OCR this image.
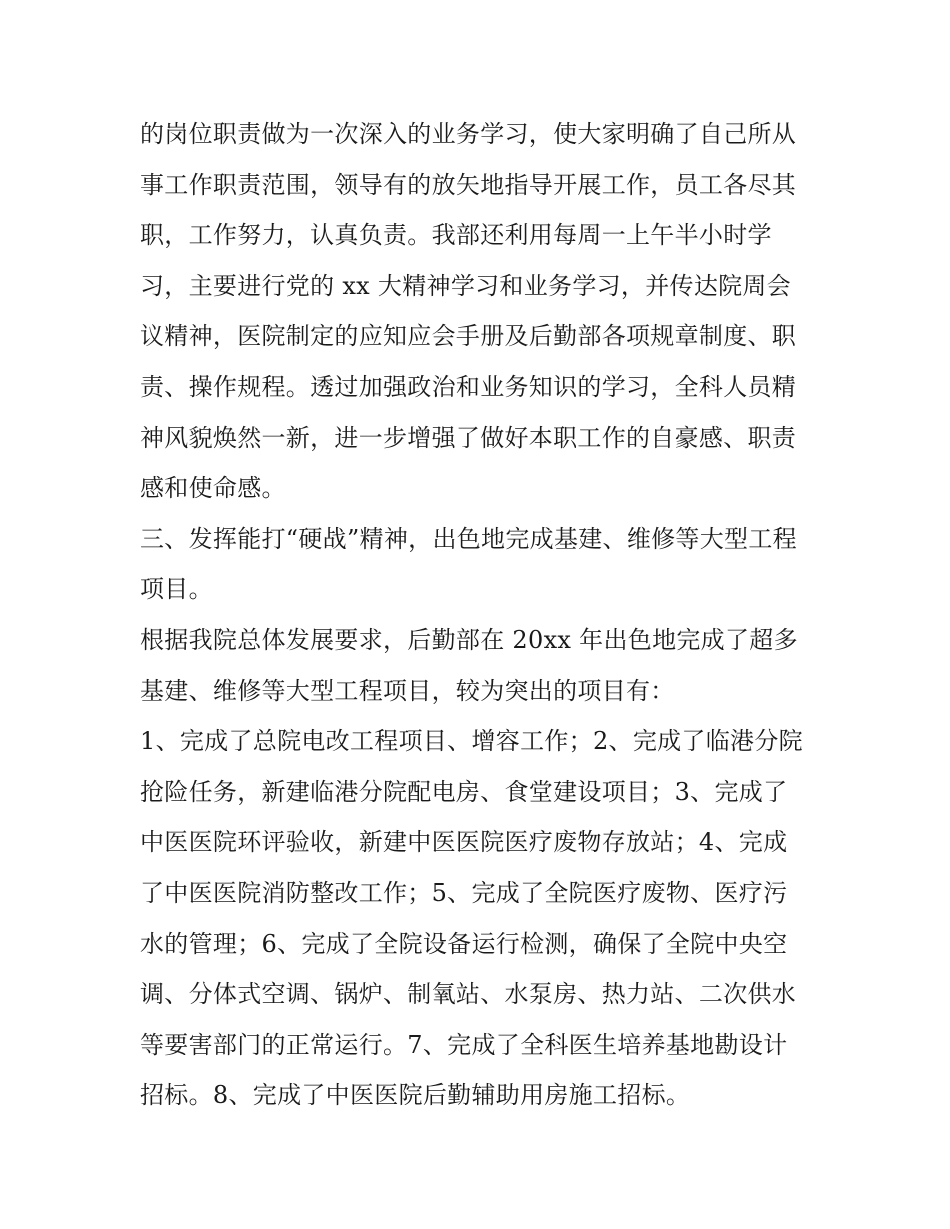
的岗位职责做为一次深入的业务学习，使大家明确了自己所从
事工作职责范围，领导有的放矢地指导开展工作，员工各尽其
职，工作努力，认真负责。我部还利用每周一上午半小时学
习，主要进行党的 xx 大精神学习和业务学习，并传达院周会
议精神，医院制定的应知应会手册及后勤部各项规章制度、职
责、操作规程。透过加强政治和业务知识的学习，全科人员精
神风貌焕然一新，进一步增强了做好本职工作的自豪感、职责
感和使命感。
三、发挥能打“硬战”精神，出色地完成基建、维修等大型工程
项目。
根据我院总体发展要求，后勤部在 20xx 年出色地完成了超多
基建、维修等大型工程项目，较为突出的项目有：
1、完成了总院电改工程项目、增容工作；2、完成了临港分院
抢险任务，新建临港分院配电房、食堂建设项目；3、完成了
中医医院环评验收，新建中医医院医疗废物存放站；4、完成
了中医医院消防整改工作；5、完成了全院医疗废物、医疗污
水的管理；6、完成了全院设备运行检测，确保了全院中央空
调、分体式空调、锅炉、制氧站、水泵房、热力站、二次供水
等要害部门的正常运行。7、完成了全科医生培养基地勘设计
招标。8、完成了中医医院后勤辅助用房施工招标。
